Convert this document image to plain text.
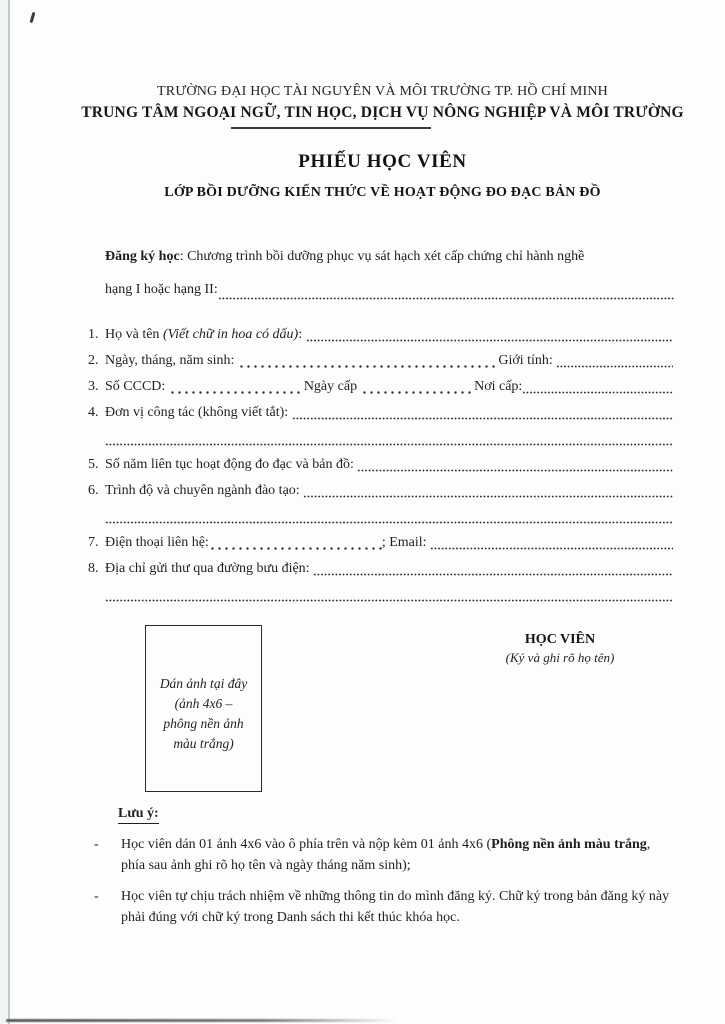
TRƯỜNG ĐẠI HỌC TÀI NGUYÊN VÀ MÔI TRƯỜNG TP. HỒ CHÍ MINH
TRUNG TÂM NGOẠI NGỮ, TIN HỌC, DỊCH VỤ NÔNG NGHIỆP VÀ MÔI TRƯỜNG
PHIẾU HỌC VIÊN
LỚP BỒI DƯỠNG KIẾN THỨC VỀ HOẠT ĐỘNG ĐO ĐẠC BẢN ĐỒ
Đăng ký học : Chương trình bồi dưỡng phục vụ sát hạch xét cấp chứng chỉ hành nghề
hạng I hoặc hạng II:
1. Họ và tên (Viết chữ in hoa có dấu) :
2. Ngày, tháng, năm sinh:	Giới tính:
3. Số CCCD:	Ngày cấp	Nơi cấp:
4. Đơn vị công tác (không viết tắt):
5. Số năm liên tục hoạt động đo đạc và bản đồ:
6. Trình độ và chuyên ngành đào tạo:
7. Điện thoại liên hệ:	; Email:
8. Địa chỉ gửi thư qua đường bưu điện:
Dán ảnh tại đây
(ảnh 4x6 –
phông nền ảnh
màu trắng)
HỌC VIÊN
(Ký và ghi rõ họ tên)
Lưu ý:
-	Học viên dán 01 ảnh 4x6 vào ô phía trên và nộp kèm 01 ảnh 4x6 (Phông nền ảnh màu trắng, phía sau ảnh ghi rõ họ tên và ngày tháng năm sinh);
-	Học viên tự chịu trách nhiệm về những thông tin do mình đăng ký. Chữ ký trong bản đăng ký này phải đúng với chữ ký trong Danh sách thi kết thúc khóa học.
